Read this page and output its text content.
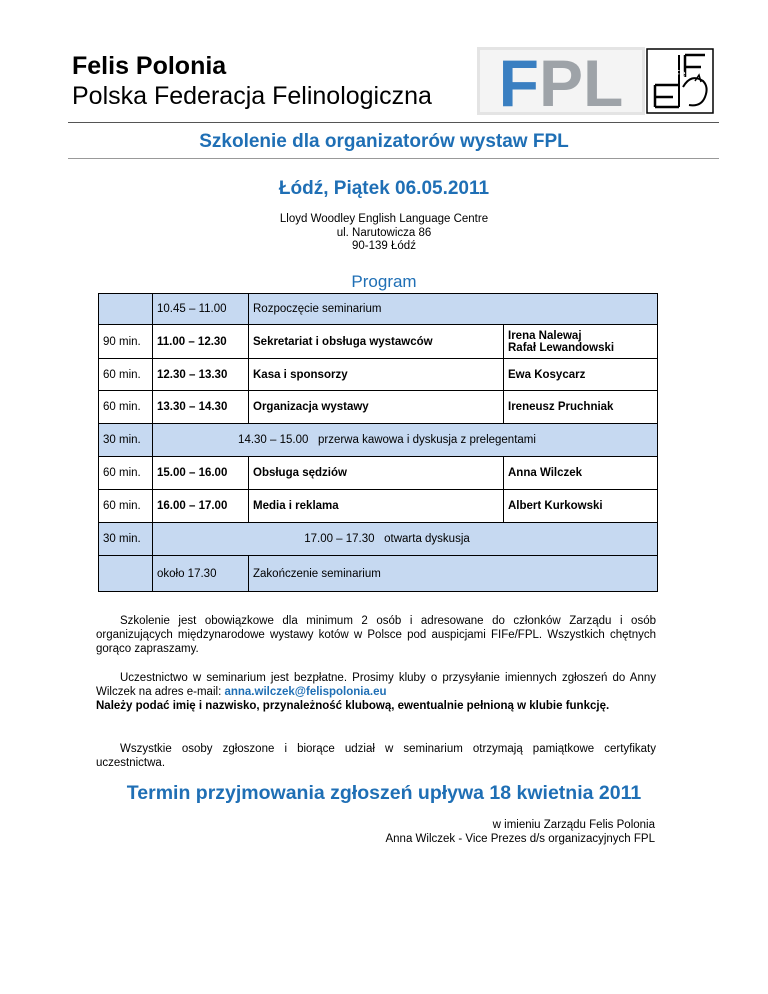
Felis Polonia
Polska Federacja Felinologiczna FPL	FIFe
Szkolenie dla organizatorów wystaw FPL
Łódź, Piątek 06.05.2011
Lloyd Woodley English Language Centre
ul. Narutowicza 86
90-139 Łódź
Program
	10.45 – 11.00	Rozpoczęcie seminarium	
90 min.	11.00 – 12.30	Sekretariat i obsługa wystawców	Irena Nalewaj
Rafał Lewandowski

60 min.	12.30 – 13.30	Kasa i sponsorzy	Ewa Kosycarz
60 min.	13.30 – 14.30	Organizacja wystawy	Ireneusz Pruchniak
30 min.	14.30 – 15.00   przerwa kawowa i dyskusja z prelegentami		
60 min.	15.00 – 16.00	Obsługa sędziów	Anna Wilczek
60 min.	16.00 – 17.00	Media i reklama	Albert Kurkowski
30 min.	17.00 – 17.30   otwarta dyskusja		
	około 17.30	Zakończenie seminarium	
Szkolenie jest obowiązkowe dla minimum 2 osób i adresowane do członków Zarządu i osób organizujących międzynarodowe wystawy kotów w Polsce pod auspicjami FIFe/FPL. Wszystkich chętnych gorąco zapraszamy.
Uczestnictwo w seminarium jest bezpłatne. Prosimy kluby o przysyłanie imiennych zgłoszeń do Anny Wilczek na adres e-mail: anna.wilczek@felispolonia.eu
Należy podać imię i nazwisko, przynależność klubową, ewentualnie pełnioną w klubie funkcję.
Wszystkie osoby zgłoszone i biorące udział w seminarium otrzymają pamiątkowe certyfikaty uczestnictwa.
Termin przyjmowania zgłoszeń upływa 18 kwietnia 2011
w imieniu Zarządu Felis Polonia
Anna Wilczek - Vice Prezes d/s organizacyjnych FPL
